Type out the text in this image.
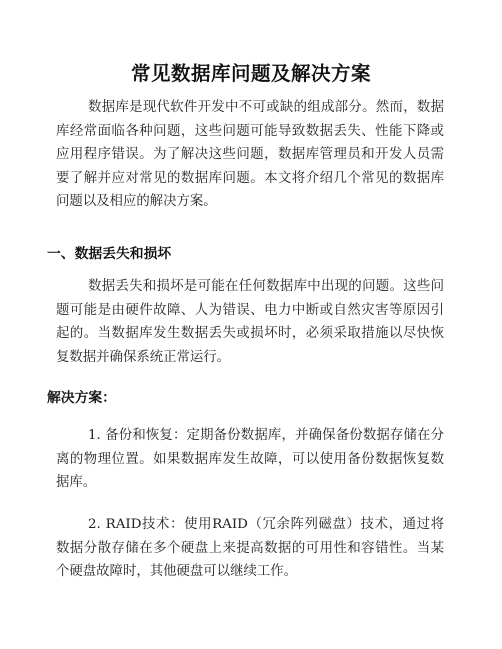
常见数据库问题及解决方案

数据库是现代软件开发中不可或缺的组成部分。然而，数据库经常面临各种问题，这些问题可能导致数据丢失、性能下降或应用程序错误。为了解决这些问题，数据库管理员和开发人员需要了解并应对常见的数据库问题。本文将介绍几个常见的数据库问题以及相应的解决方案。

一、数据丢失和损坏

数据丢失和损坏是可能在任何数据库中出现的问题。这些问题可能是由硬件故障、人为错误、电力中断或自然灾害等原因引起的。当数据库发生数据丢失或损坏时，必须采取措施以尽快恢复数据并确保系统正常运行。

解决方案：

1. 备份和恢复：定期备份数据库，并确保备份数据存储在分离的物理位置。如果数据库发生故障，可以使用备份数据恢复数据库。

2. RAID技术：使用RAID（冗余阵列磁盘）技术，通过将数据分散存储在多个硬盘上来提高数据的可用性和容错性。当某个硬盘故障时，其他硬盘可以继续工作。
